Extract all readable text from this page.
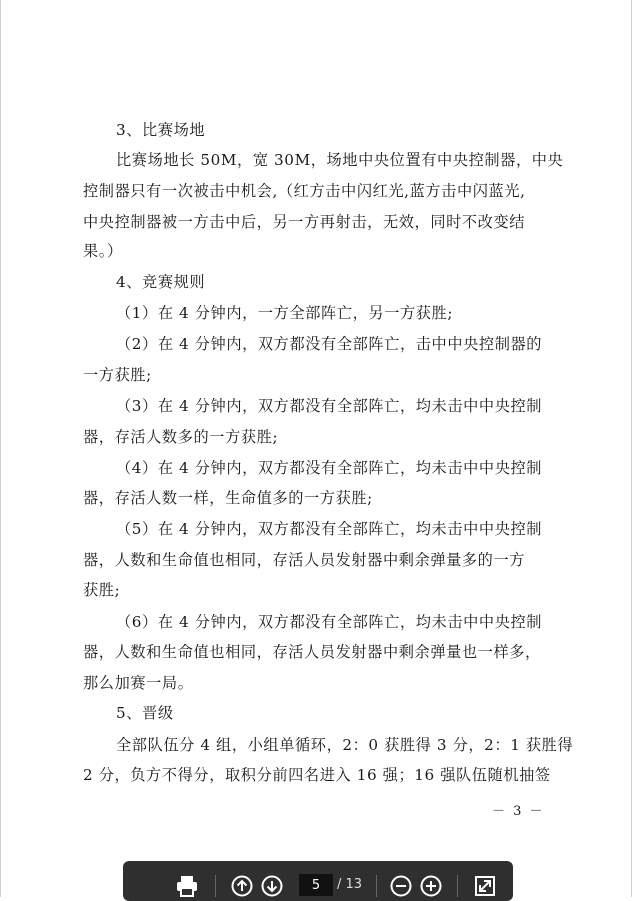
3、比赛场地
比赛场地长 50M，宽 30M，场地中央位置有中央控制器，中央
控制器只有一次被击中机会,（红方击中闪红光,蓝方击中闪蓝光,
中央控制器被一方击中后，另一方再射击，无效，同时不改变结
果。）
4、竞赛规则
（1）在 4 分钟内，一方全部阵亡，另一方获胜;
（2）在 4 分钟内，双方都没有全部阵亡，击中中央控制器的
一方获胜;
（3）在 4 分钟内，双方都没有全部阵亡，均未击中中央控制
器，存活人数多的一方获胜;
（4）在 4 分钟内，双方都没有全部阵亡，均未击中中央控制
器，存活人数一样，生命值多的一方获胜;
（5）在 4 分钟内，双方都没有全部阵亡，均未击中中央控制
器，人数和生命值也相同，存活人员发射器中剩余弹量多的一方
获胜;
（6）在 4 分钟内，双方都没有全部阵亡，均未击中中央控制
器，人数和生命值也相同，存活人员发射器中剩余弹量也一样多，
那么加赛一局。
5、晋级
全部队伍分 4 组，小组单循环，2：0 获胜得 3 分，2：1 获胜得
2 分，负方不得分，取积分前四名进入 16 强；16 强队伍随机抽签
－ 3 －
5
/ 13
